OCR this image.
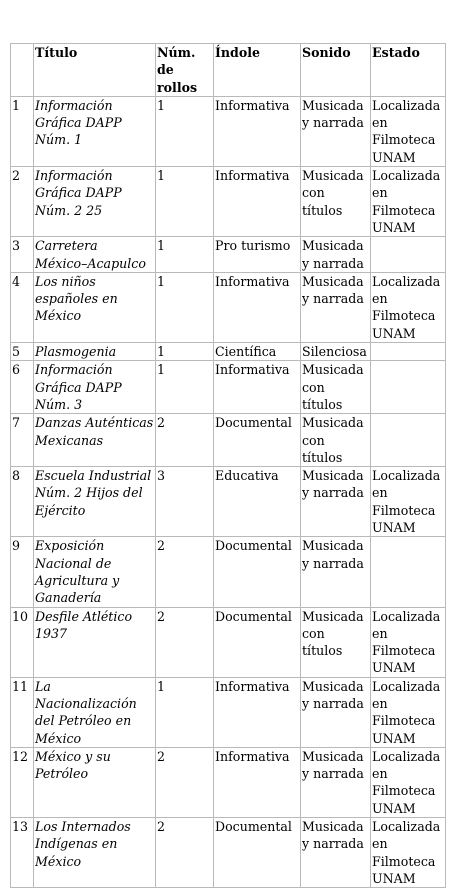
	Título	Núm. de rollos	Índole	Sonido	Estado
1	Información Gráfica DAPP Núm. 1	1	Informativa	Musicada y narrada	Localizada en Filmoteca UNAM
2	Información Gráfica DAPP Núm. 2 25	1	Informativa	Musicada con títulos	Localizada en Filmoteca UNAM
3	Carretera México–Acapulco	1	Pro turismo	Musicada y narrada	
4	Los niños españoles en México	1	Informativa	Musicada y narrada	Localizada en Filmoteca UNAM
5	Plasmogenia	1	Científica	Silenciosa	
6	Información Gráfica DAPP Núm. 3	1	Informativa	Musicada con títulos	
7	Danzas Auténticas Mexicanas	2	Documental	Musicada con títulos	
8	Escuela Industrial Núm. 2 Hijos del Ejército	3	Educativa	Musicada y narrada	Localizada en Filmoteca UNAM
9	Exposición Nacional de Agricultura y Ganadería	2	Documental	Musicada y narrada	
10	Desfile Atlético 1937	2	Documental	Musicada con títulos	Localizada en Filmoteca UNAM
11	La Nacionalización del Petróleo en México	1	Informativa	Musicada y narrada	Localizada en Filmoteca UNAM
12	México y su Petróleo	2	Informativa	Musicada y narrada	Localizada en Filmoteca UNAM
13	Los Internados Indígenas en México	2	Documental	Musicada y narrada	Localizada en Filmoteca UNAM
